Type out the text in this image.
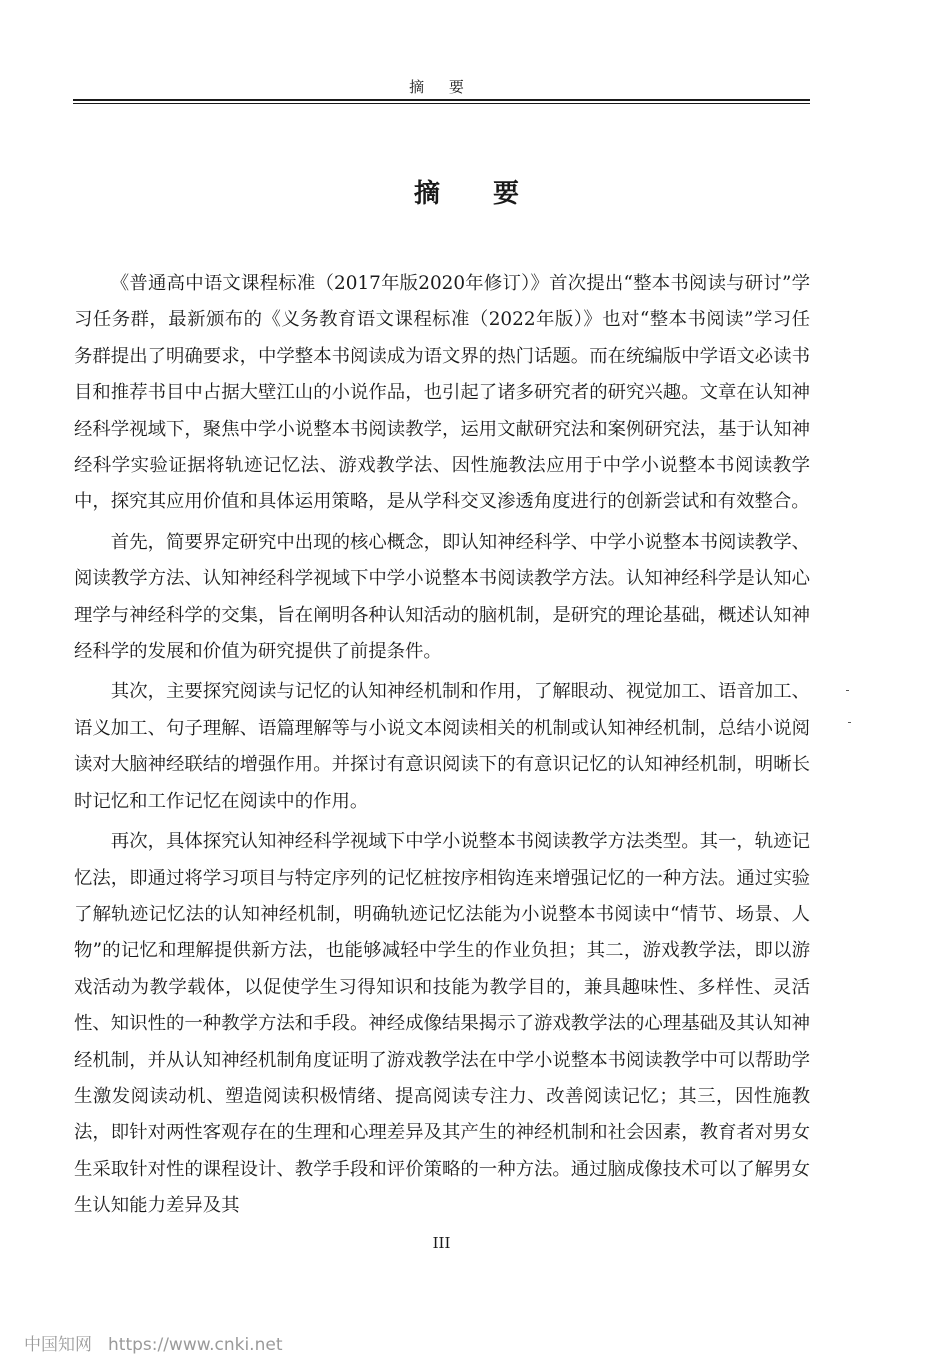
摘 要
摘 要

《普通高中语文课程标准（2017年版2020年修订）》首次提出“整本书阅读与研讨”学习任务群，最新颁布的《义务教育语文课程标准（2022年版）》也对“整本书阅读”学习任务群提出了明确要求，中学整本书阅读成为语文界的热门话题。而在统编版中学语文必读书目和推荐书目中占据大壁江山的小说作品，也引起了诸多研究者的研究兴趣。文章在认知神经科学视域下，聚焦中学小说整本书阅读教学，运用文献研究法和案例研究法，基于认知神经科学实验证据将轨迹记忆法、游戏教学法、因性施教法应用于中学小说整本书阅读教学中，探究其应用价值和具体运用策略，是从学科交叉渗透角度进行的创新尝试和有效整合。

首先，简要界定研究中出现的核心概念，即认知神经科学、中学小说整本书阅读教学、阅读教学方法、认知神经科学视域下中学小说整本书阅读教学方法。认知神经科学是认知心理学与神经科学的交集，旨在阐明各种认知活动的脑机制，是研究的理论基础，概述认知神经科学的发展和价值为研究提供了前提条件。

其次，主要探究阅读与记忆的认知神经机制和作用，了解眼动、视觉加工、语音加工、语义加工、句子理解、语篇理解等与小说文本阅读相关的机制或认知神经机制，总结小说阅读对大脑神经联结的增强作用。并探讨有意识阅读下的有意识记忆的认知神经机制，明晰长时记忆和工作记忆在阅读中的作用。

再次，具体探究认知神经科学视域下中学小说整本书阅读教学方法类型。其一，轨迹记忆法，即通过将学习项目与特定序列的记忆桩按序相钩连来增强记忆的一种方法。通过实验了解轨迹记忆法的认知神经机制，明确轨迹记忆法能为小说整本书阅读中“情节、场景、人物”的记忆和理解提供新方法，也能够减轻中学生的作业负担；其二，游戏教学法，即以游戏活动为教学载体，以促使学生习得知识和技能为教学目的，兼具趣味性、多样性、灵活性、知识性的一种教学方法和手段。神经成像结果揭示了游戏教学法的心理基础及其认知神经机制，并从认知神经机制角度证明了游戏教学法在中学小说整本书阅读教学中可以帮助学生激发阅读动机、塑造阅读积极情绪、提高阅读专注力、改善阅读记忆；其三，因性施教法，即针对两性客观存在的生理和心理差异及其产生的神经机制和社会因素，教育者对男女生采取针对性的课程设计、教学手段和评价策略的一种方法。通过脑成像技术可以了解男女生认知能力差异及其

III
中国知网 https://www.cnki.net
